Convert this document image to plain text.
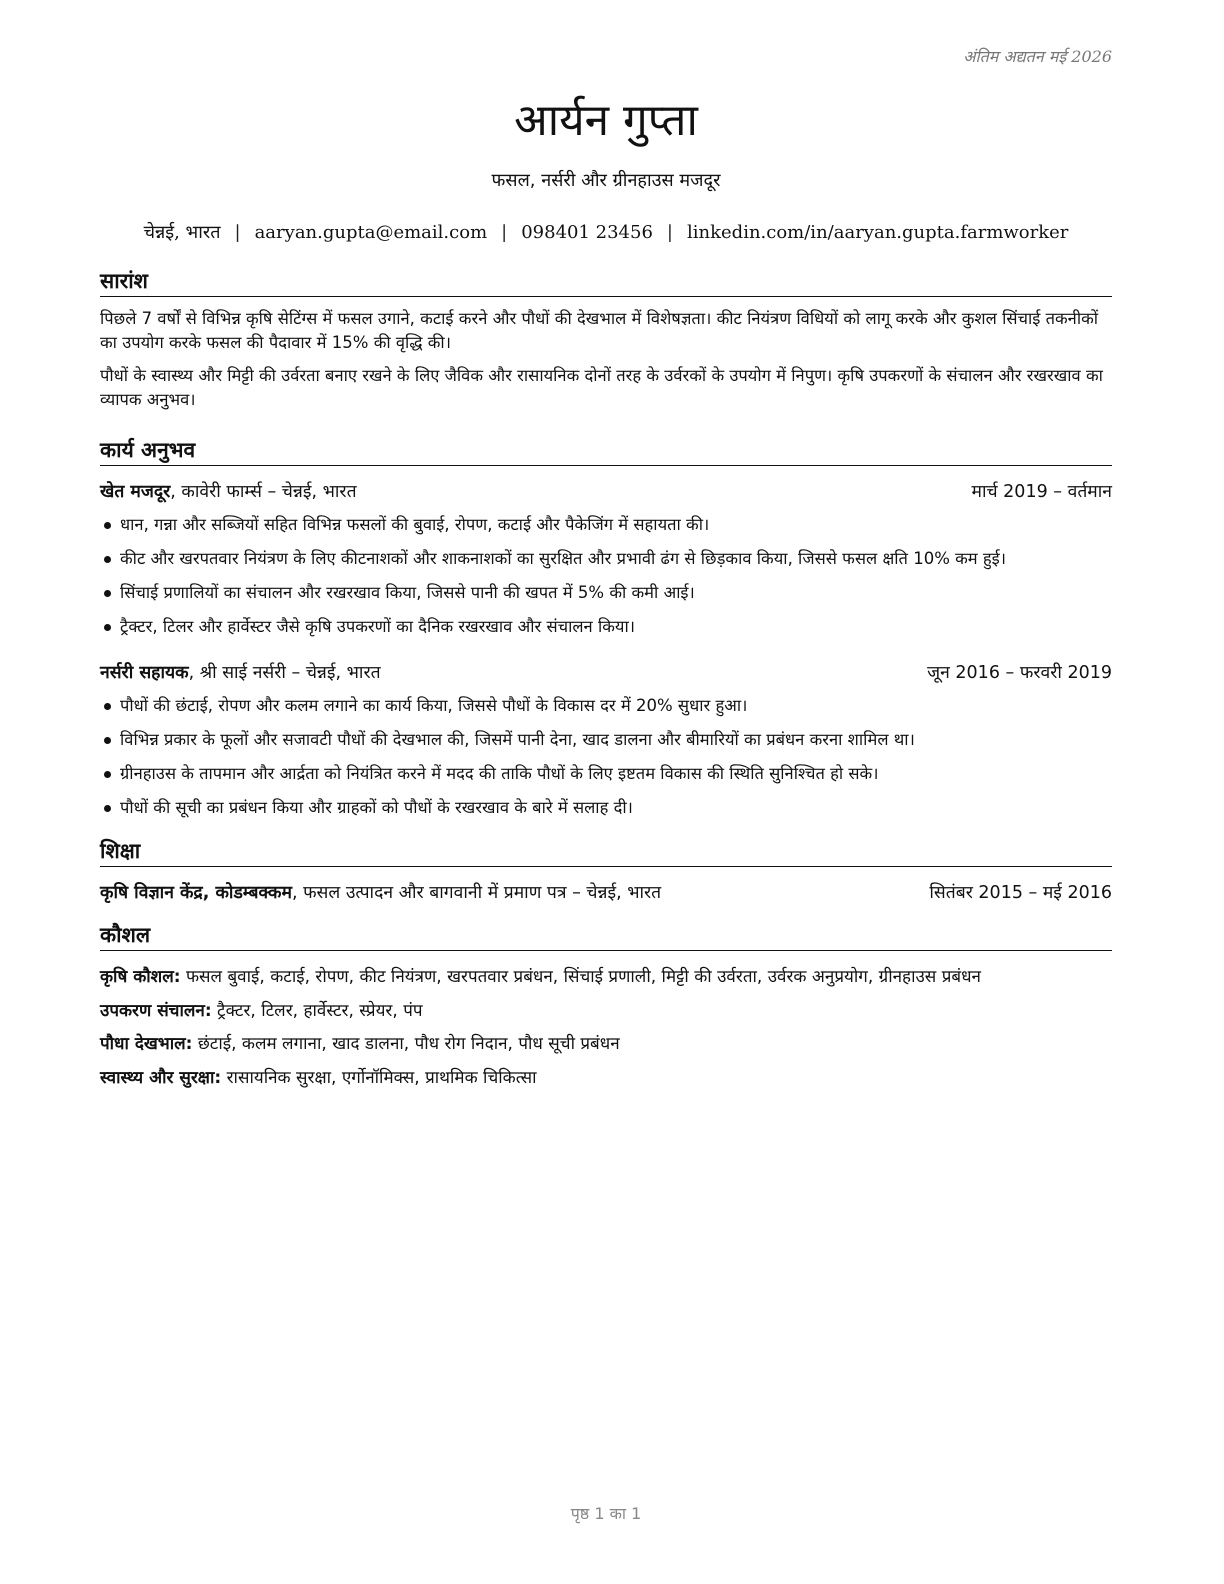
अंतिम अद्यतन मई 2026
आर्यन गुप्ता
फसल, नर्सरी और ग्रीनहाउस मजदूर
चेन्नई, भारत | aaryan.gupta@email.com | 098401 23456 | linkedin.com/in/aaryan.gupta.farmworker
सारांश
पिछले 7 वर्षों से विभिन्न कृषि सेटिंग्स में फसल उगाने, कटाई करने और पौधों की देखभाल में विशेषज्ञता। कीट नियंत्रण विधियों को लागू करके और कुशल सिंचाई तकनीकों का उपयोग करके फसल की पैदावार में 15% की वृद्धि की।
पौधों के स्वास्थ्य और मिट्टी की उर्वरता बनाए रखने के लिए जैविक और रासायनिक दोनों तरह के उर्वरकों के उपयोग में निपुण। कृषि उपकरणों के संचालन और रखरखाव का व्यापक अनुभव।
कार्य अनुभव
खेत मजदूर, कावेरी फार्म्स – चेन्नई, भारत	मार्च 2019 – वर्तमान
धान, गन्ना और सब्जियों सहित विभिन्न फसलों की बुवाई, रोपण, कटाई और पैकेजिंग में सहायता की।
कीट और खरपतवार नियंत्रण के लिए कीटनाशकों और शाकनाशकों का सुरक्षित और प्रभावी ढंग से छिड़काव किया, जिससे फसल क्षति 10% कम हुई।
सिंचाई प्रणालियों का संचालन और रखरखाव किया, जिससे पानी की खपत में 5% की कमी आई।
ट्रैक्टर, टिलर और हार्वेस्टर जैसे कृषि उपकरणों का दैनिक रखरखाव और संचालन किया।
नर्सरी सहायक, श्री साई नर्सरी – चेन्नई, भारत	जून 2016 – फरवरी 2019
पौधों की छंटाई, रोपण और कलम लगाने का कार्य किया, जिससे पौधों के विकास दर में 20% सुधार हुआ।
विभिन्न प्रकार के फूलों और सजावटी पौधों की देखभाल की, जिसमें पानी देना, खाद डालना और बीमारियों का प्रबंधन करना शामिल था।
ग्रीनहाउस के तापमान और आर्द्रता को नियंत्रित करने में मदद की ताकि पौधों के लिए इष्टतम विकास की स्थिति सुनिश्चित हो सके।
पौधों की सूची का प्रबंधन किया और ग्राहकों को पौधों के रखरखाव के बारे में सलाह दी।
शिक्षा
कृषि विज्ञान केंद्र, कोडम्बक्कम, फसल उत्पादन और बागवानी में प्रमाण पत्र – चेन्नई, भारत	सितंबर 2015 – मई 2016
कौशल
कृषि कौशल: फसल बुवाई, कटाई, रोपण, कीट नियंत्रण, खरपतवार प्रबंधन, सिंचाई प्रणाली, मिट्टी की उर्वरता, उर्वरक अनुप्रयोग, ग्रीनहाउस प्रबंधन
उपकरण संचालन: ट्रैक्टर, टिलर, हार्वेस्टर, स्प्रेयर, पंप
पौधा देखभाल: छंटाई, कलम लगाना, खाद डालना, पौध रोग निदान, पौध सूची प्रबंधन
स्वास्थ्य और सुरक्षा: रासायनिक सुरक्षा, एर्गोनॉमिक्स, प्राथमिक चिकित्सा
पृष्ठ 1 का 1
